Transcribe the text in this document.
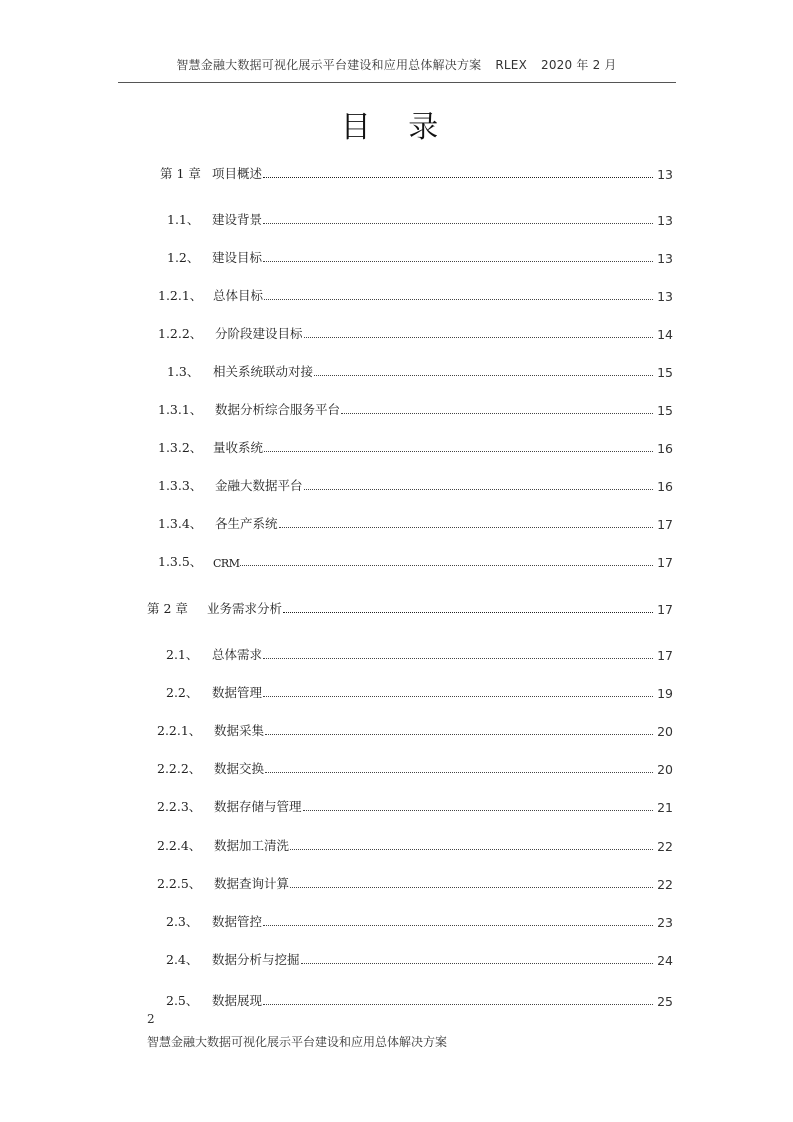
智慧金融大数据可视化展示平台建设和应用总体解决方案 RLEX 2020 年 2 月
目 录
第 1 章 项目概述	13
1.1、	建设背景	13
1.2、	建设目标	13
1.2.1、 总体目标	13
1.2.2、	分阶段建设目标	14
1.3、	相关系统联动对接	15
1.3.1、	数据分析综合服务平台	15
1.3.2、 量收系统	16
1.3.3、	金融大数据平台	16
1.3.4、	各生产系统	17
1.3.5、 CRM	17
第 2 章	业务需求分析	17
2.1、	总体需求	17
2.2、	数据管理	19
2.2.1、	数据采集	20
2.2.2、	数据交换	20
2.2.3、	数据存储与管理	21
2.2.4、	数据加工清洗	22
2.2.5、	数据查询计算	22
2.3、	数据管控	23
2.4、	数据分析与挖掘	24
2.5、	数据展现	25
2
智慧金融大数据可视化展示平台建设和应用总体解决方案
